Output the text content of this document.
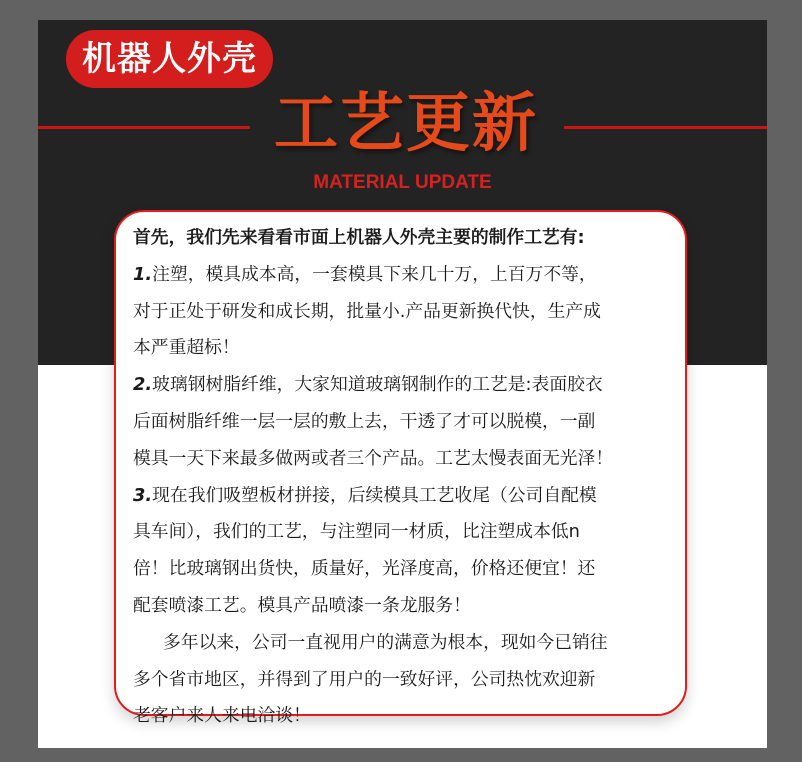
机器人外壳
工艺更新
MATERIAL UPDATE

首先，我们先来看看市面上机器人外壳主要的制作工艺有:

1.注塑，模具成本高，一套模具下来几十万，上百万不等，

对于正处于研发和成长期，批量小.产品更新换代快，生产成

本严重超标！

2.玻璃钢树脂纤维，大家知道玻璃钢制作的工艺是:表面胶衣

后面树脂纤维一层一层的敷上去，干透了才可以脱模，一副

模具一天下来最多做两或者三个产品。工艺太慢表面无光泽！

3.现在我们吸塑板材拼接，后续模具工艺收尾（公司自配模

具车间），我们的工艺，与注塑同一材质，比注塑成本低n

倍！比玻璃钢出货快，质量好，光泽度高，价格还便宜！还

配套喷漆工艺。模具产品喷漆一条龙服务！

多年以来，公司一直视用户的满意为根本，现如今已销往

多个省市地区，并得到了用户的一致好评，公司热忱欢迎新

老客户来人来电洽谈！
